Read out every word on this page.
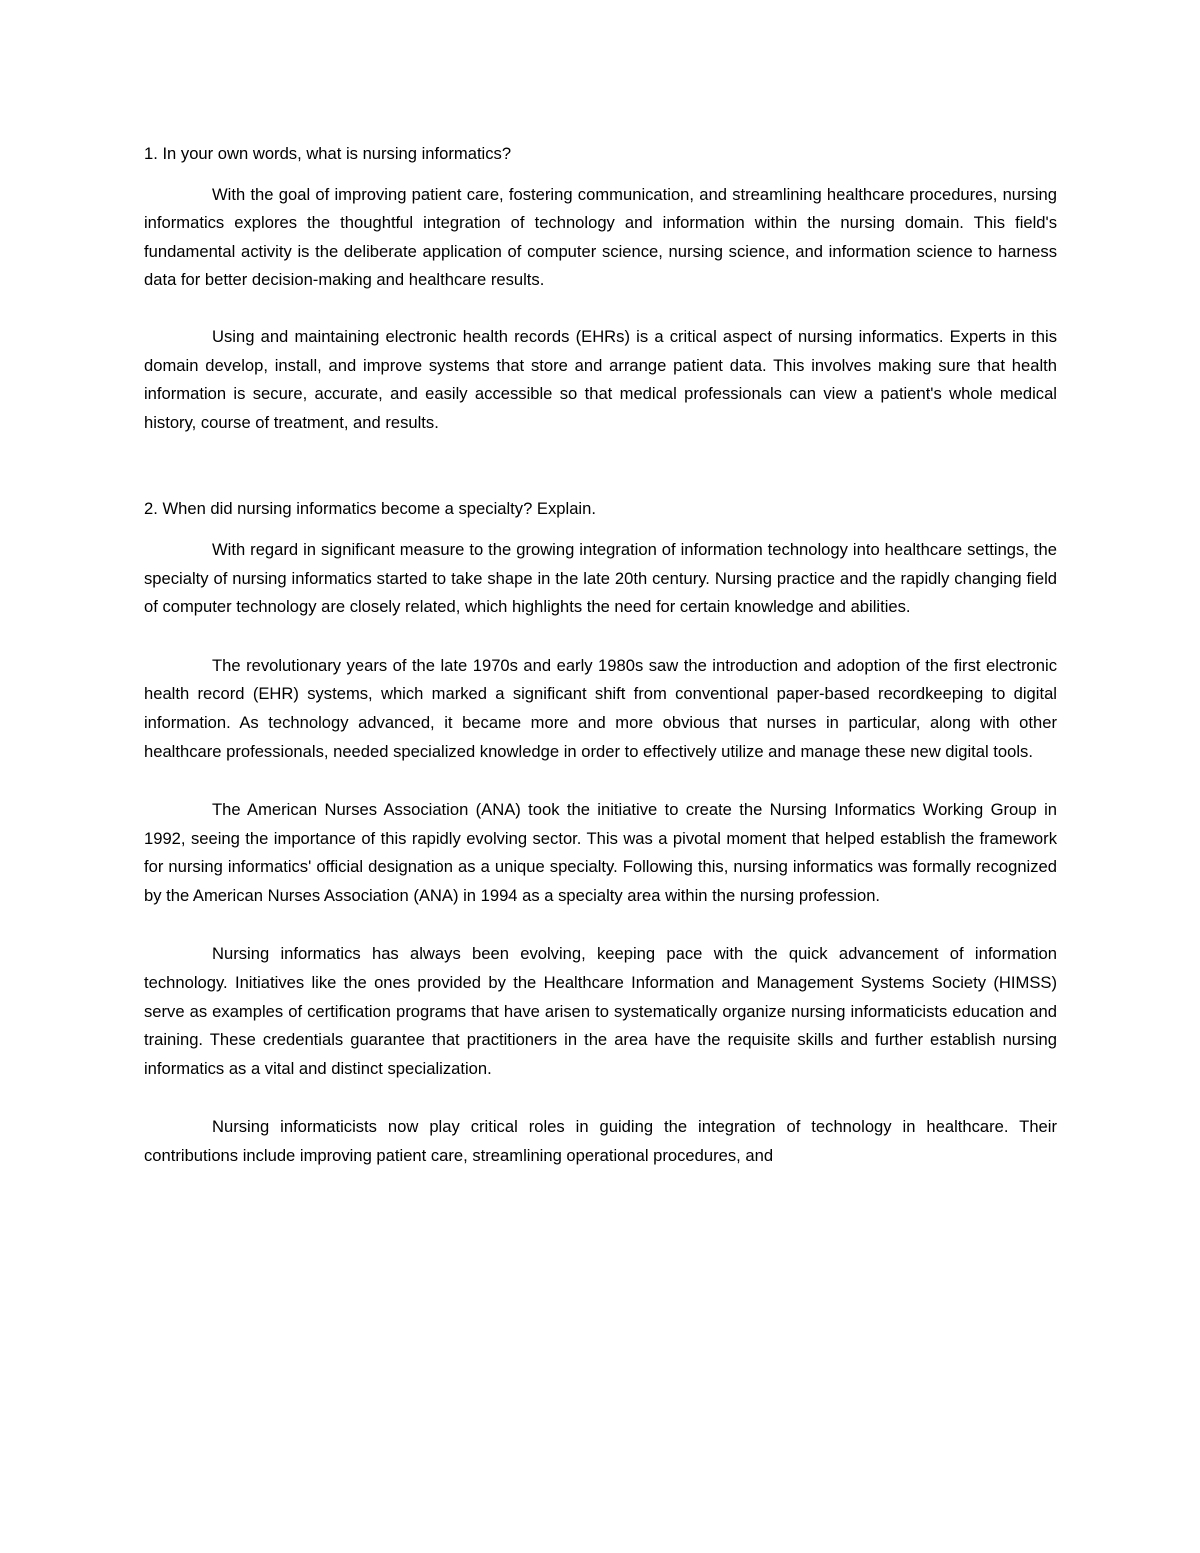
1. In your own words, what is nursing informatics?

With the goal of improving patient care, fostering communication, and streamlining healthcare procedures, nursing informatics explores the thoughtful integration of technology and information within the nursing domain. This field's fundamental activity is the deliberate application of computer science, nursing science, and information science to harness data for better decision-making and healthcare results.

Using and maintaining electronic health records (EHRs) is a critical aspect of nursing informatics. Experts in this domain develop, install, and improve systems that store and arrange patient data. This involves making sure that health information is secure, accurate, and easily accessible so that medical professionals can view a patient's whole medical history, course of treatment, and results.

2. When did nursing informatics become a specialty? Explain.

With regard in significant measure to the growing integration of information technology into healthcare settings, the specialty of nursing informatics started to take shape in the late 20th century. Nursing practice and the rapidly changing field of computer technology are closely related, which highlights the need for certain knowledge and abilities.

The revolutionary years of the late 1970s and early 1980s saw the introduction and adoption of the first electronic health record (EHR) systems, which marked a significant shift from conventional paper-based recordkeeping to digital information. As technology advanced, it became more and more obvious that nurses in particular, along with other healthcare professionals, needed specialized knowledge in order to effectively utilize and manage these new digital tools.

The American Nurses Association (ANA) took the initiative to create the Nursing Informatics Working Group in 1992, seeing the importance of this rapidly evolving sector. This was a pivotal moment that helped establish the framework for nursing informatics' official designation as a unique specialty. Following this, nursing informatics was formally recognized by the American Nurses Association (ANA) in 1994 as a specialty area within the nursing profession.

Nursing informatics has always been evolving, keeping pace with the quick advancement of information technology. Initiatives like the ones provided by the Healthcare Information and Management Systems Society (HIMSS) serve as examples of certification programs that have arisen to systematically organize nursing informaticists education and training. These credentials guarantee that practitioners in the area have the requisite skills and further establish nursing informatics as a vital and distinct specialization.

Nursing informaticists now play critical roles in guiding the integration of technology in healthcare. Their contributions include improving patient care, streamlining operational procedures, and
